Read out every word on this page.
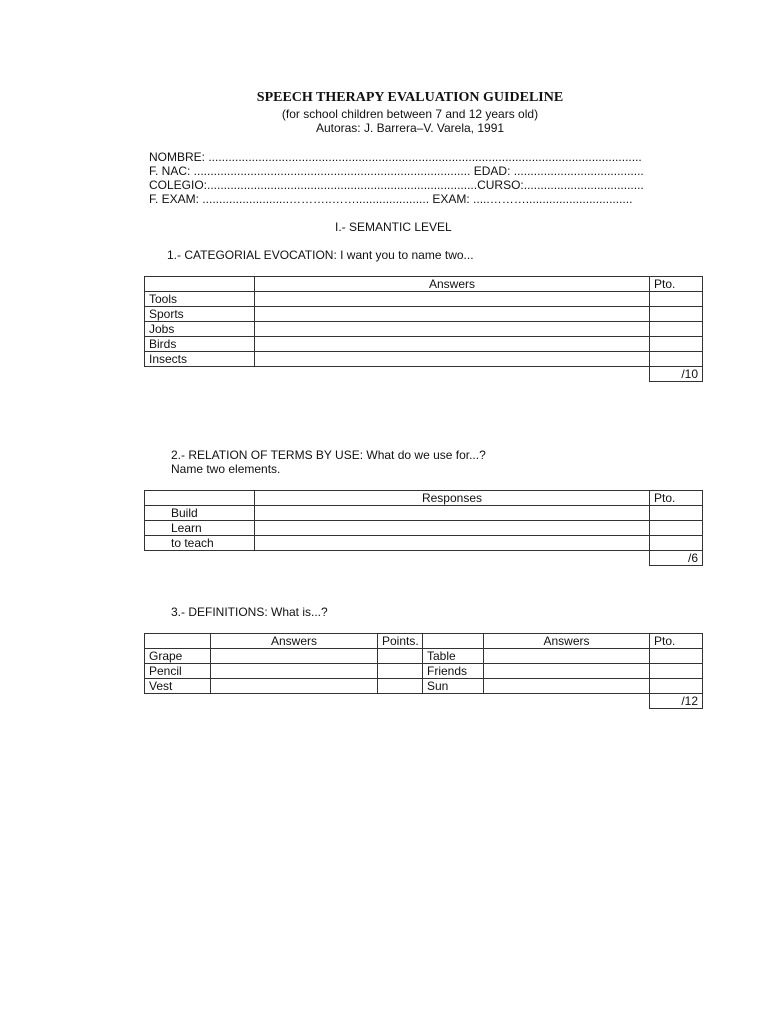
SPEECH THERAPY EVALUATION GUIDELINE
(for school children between 7 and 12 years old)
Autoras: J. Barrera–V. Varela, 1991
NOMBRE: ..................................................................................................................................
F. NAC: ................................................................................... EDAD: .......................................
COLEGIO:.................................................................................CURSO:....................................
F. EXAM: ..........................………..……...................... EXAM: .....………................................
I.- SEMANTIC LEVEL
1.- CATEGORIAL EVOCATION: I want you to name two...
	Answers	Pto.
Tools		
Sports		
Jobs		
Birds		
Insects		
		/10
2.- RELATION OF TERMS BY USE: What do we use for...?
Name two elements.
	Responses	Pto.
Build		
Learn		
to teach		
		/6
3.- DEFINITIONS: What is...?
	Answers	Points.		Answers	Pto.
Grape			Table		
Pencil			Friends		
Vest			Sun		
					/12
